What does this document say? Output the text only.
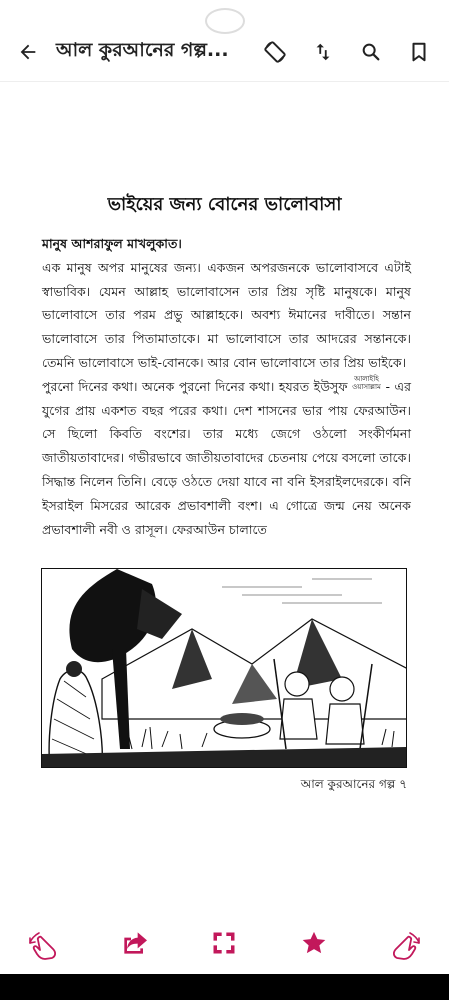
আল কুরআনের গল্প...
ভাইয়ের জন্য বোনের ভালোবাসা

মানুষ আশরাফুল মাখলুকাত।

এক মানুষ অপর মানুষের জন্য। একজন অপরজনকে ভালোবাসবে এটাই স্বাভাবিক। যেমন আল্লাহ ভালোবাসেন তার প্রিয় সৃষ্টি মানুষকে। মানুষ ভালোবাসে তার পরম প্রভু আল্লাহকে। অবশ্য ঈমানের দাবীতে। সন্তান ভালোবাসে তার পিতামাতাকে। মা ভালোবাসে তার আদরের সন্তানকে। তেমনি ভালোবাসে ভাই-বোনকে। আর বোন ভালোবাসে তার প্রিয় ভাইকে।

পুরনো দিনের কথা। অনেক পুরনো দিনের কথা। হযরত ইউসুফ আলাইহি
ওয়াসাল্লাম - এর যুগের প্রায় একশত বছর পরের কথা। দেশ শাসনের ভার পায় ফেরআউন। সে ছিলো কিবতি বংশের। তার মধ্যে জেগে ওঠলো সংকীর্ণমনা জাতীয়তাবাদের। গভীরভাবে জাতীয়তাবাদের চেতনায় পেয়ে বসলো তাকে। সিদ্ধান্ত নিলেন তিনি। বেড়ে ওঠতে দেয়া যাবে না বনি ইসরাইলদেরকে। বনি ইসরাইল মিসরের আরেক প্রভাবশালী বংশ। এ গোত্রে জন্ম নেয় অনেক প্রভাবশালী নবী ও রাসূল। ফেরআউন চালাতে

আল কুরআনের গল্প ৭
